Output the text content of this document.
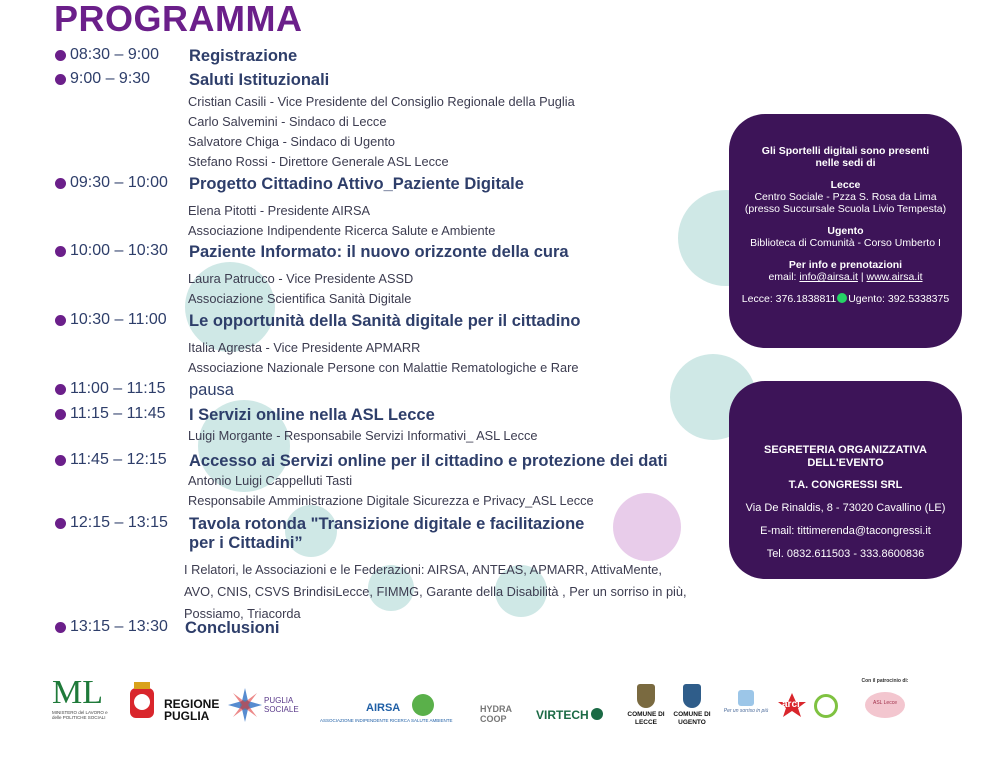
PROGRAMMA
08:30 – 9:00 Registrazione
9:00 – 9:30 Saluti Istituzionali
Cristian Casili - Vice Presidente del Consiglio Regionale della Puglia
Carlo Salvemini - Sindaco di Lecce
Salvatore Chiga - Sindaco di Ugento
Stefano Rossi - Direttore Generale ASL Lecce
09:30 – 10:00 Progetto Cittadino Attivo_Paziente Digitale
Elena Pitotti - Presidente AIRSA
Associazione Indipendente Ricerca Salute e Ambiente
10:00 – 10:30 Paziente Informato: il nuovo orizzonte della cura
Laura Patrucco - Vice Presidente ASSD
Associazione Scientifica Sanità Digitale
10:30 – 11:00 Le opportunità della Sanità digitale per il cittadino
Italia Agresta - Vice Presidente APMARR
Associazione Nazionale Persone con Malattie Rematologiche e Rare
11:00 – 11:15 pausa
11:15 – 11:45 I Servizi online nella ASL Lecce
Luigi Morgante - Responsabile Servizi Informativi_ ASL Lecce
11:45 – 12:15 Accesso ai Servizi online per il cittadino e protezione dei dati
Antonio Luigi Cappelluti Tasti
Responsabile Amministrazione Digitale Sicurezza e Privacy_ASL Lecce
12:15 – 13:15 Tavola rotonda "Transizione digitale e facilitazione
per i Cittadini”
I Relatori, le Associazioni e le Federazioni: AIRSA, ANTEAS, APMARR, AttivaMente,
AVO, CNIS, CSVS BrindisiLecce, FIMMG, Garante della Disabilità , Per un sorriso in più,
Possiamo, Triacorda
13:15 – 13:30 Conclusioni
Gli Sportelli digitali sono presenti nelle sedi di
Lecce
Centro Sociale - Pzza S. Rosa da Lima
(presso Succursale Scuola Livio Tempesta)
Ugento
Biblioteca di Comunità - Corso Umberto I
Per info e prenotazioni
email: info@airsa.it | www.airsa.it
Lecce: 376.1838811 Ugento: 392.5338375
SEGRETERIA ORGANIZZATIVA
DELL'EVENTO
T.A. CONGRESSI SRL
Via De Rinaldis, 8 - 73020 Cavallino (LE)
E-mail: tittimerenda@tacongressi.it
Tel. 0832.611503 - 333.8600836
ML
MINISTERO del LAVORO e delle POLITICHE SOCIALI
REGIONE PUGLIA
PUGLIA SOCIALE	AIRSA
ASSOCIAZIONE INDIPENDENTE RICERCA SALUTE AMBIENTE
HYDRA COOP	VIRTECH	COMUNE DI LECCE
COMUNE DI UGENTO
Per un sorriso in più
arci
Con il patrocinio di:
ASL Lecce
